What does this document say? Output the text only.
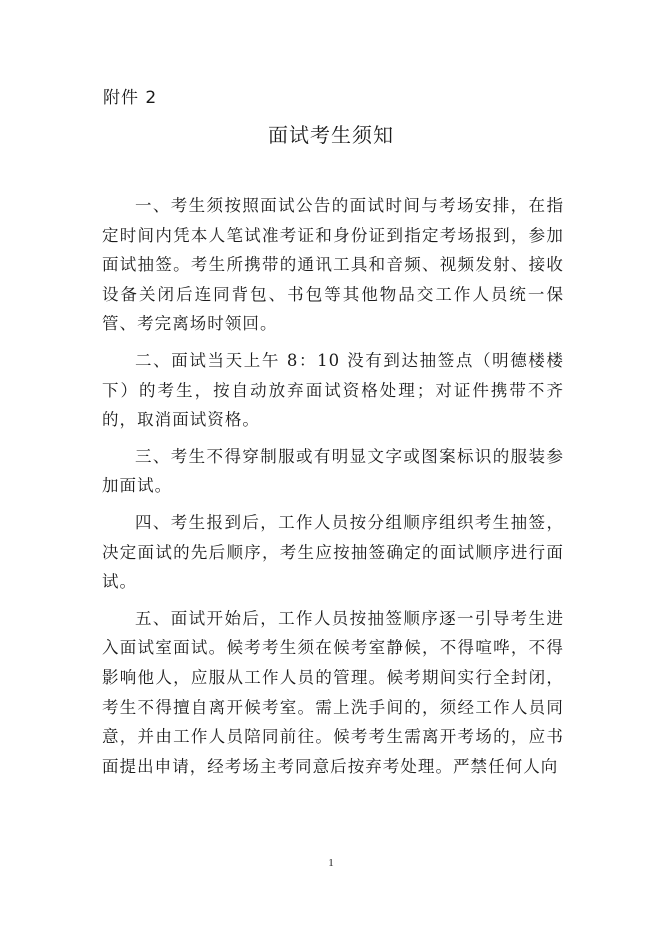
附件 2
面试考生须知

一、考生须按照面试公告的面试时间与考场安排，在指定时间内凭本人笔试准考证和身份证到指定考场报到，参加面试抽签。考生所携带的通讯工具和音频、视频发射、接收设备关闭后连同背包、书包等其他物品交工作人员统一保管、考完离场时领回。

二、面试当天上午 8：10 没有到达抽签点（明德楼楼下）的考生，按自动放弃面试资格处理；对证件携带不齐的，取消面试资格。

三、考生不得穿制服或有明显文字或图案标识的服装参加面试。

四、考生报到后，工作人员按分组顺序组织考生抽签，决定面试的先后顺序，考生应按抽签确定的面试顺序进行面试。

五、面试开始后，工作人员按抽签顺序逐一引导考生进入面试室面试。候考考生须在候考室静候，不得喧哗，不得影响他人，应服从工作人员的管理。候考期间实行全封闭，考生不得擅自离开候考室。需上洗手间的，须经工作人员同意，并由工作人员陪同前往。候考考生需离开考场的，应书面提出申请，经考场主考同意后按弃考处理。严禁任何人向

1
